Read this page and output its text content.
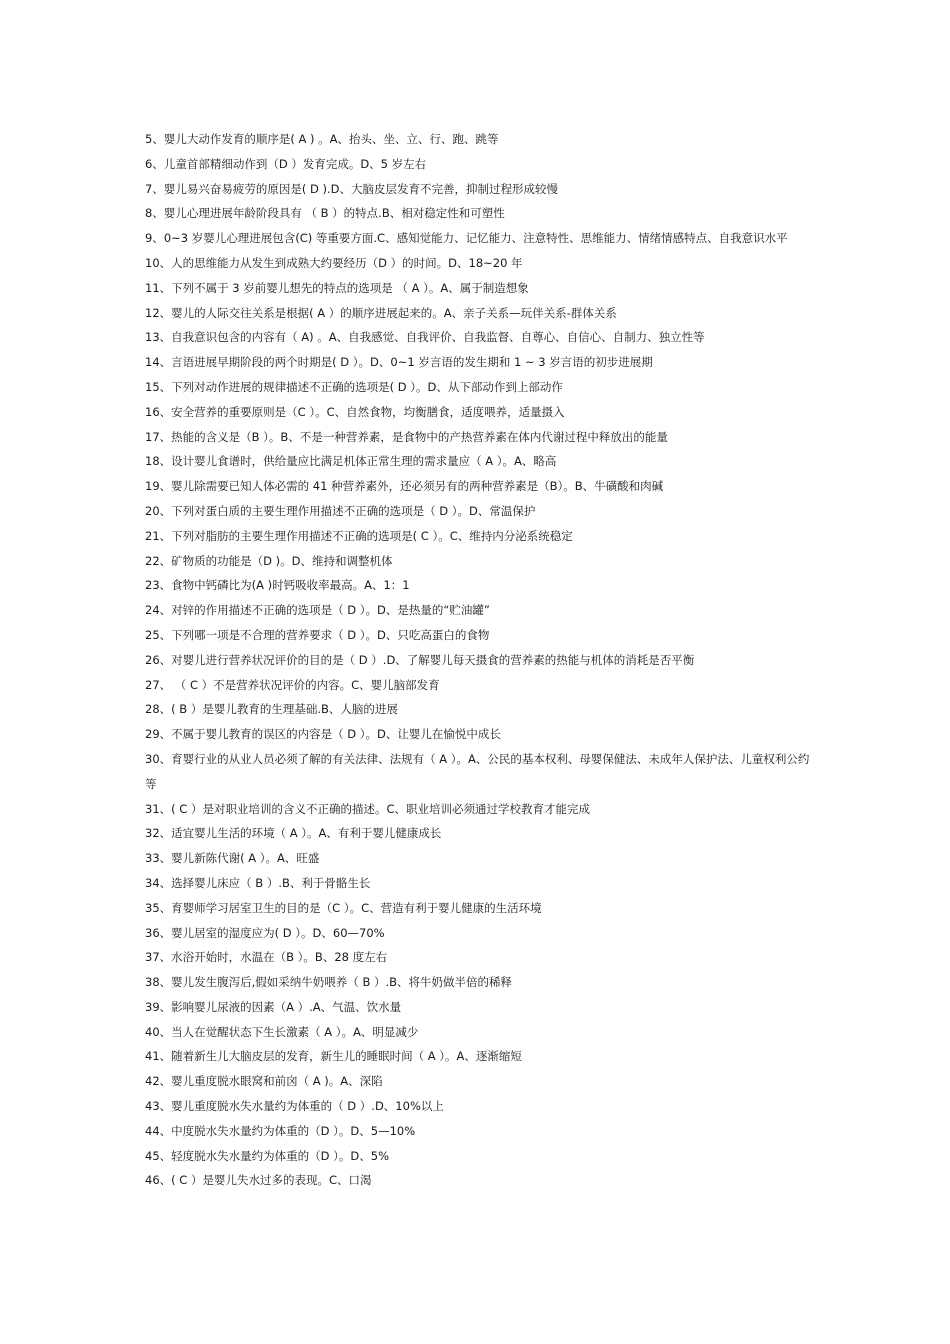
5、婴儿大动作发育的顺序是( A ) 。A、抬头、坐、立、行、跑、跳等

6、儿童首部精细动作到（D ）发育完成。D、5 岁左右

7、婴儿易兴奋易疲劳的原因是( D ).D、大脑皮层发育不完善，抑制过程形成较慢

8、婴儿心理进展年龄阶段具有 （ B ）的特点.B、相对稳定性和可塑性

9、0~3 岁婴儿心理进展包含(C) 等重要方面.C、感知觉能力、记忆能力、注意特性、思维能力、情绪情感特点、自我意识水平

10、人的思维能力从发生到成熟大约要经历（D ）的时间。D、18~20 年

11、下列不属于 3 岁前婴儿想先的特点的选项是 （ A ）。A、属于制造想象

12、婴儿的人际交往关系是根据( A ）的顺序进展起来的。A、亲子关系—玩伴关系-群体关系

13、自我意识包含的内容有（ A) 。A、自我感觉、自我评价、自我监督、自尊心、自信心、自制力、独立性等

14、言语进展早期阶段的两个时期是( D ）。D、0~1 岁言语的发生期和 1 ~ 3 岁言语的初步进展期

15、下列对动作进展的规律描述不正确的选项是( D ）。D、从下部动作到上部动作

16、安全营养的重要原则是（C ）。C、自然食物，均衡膳食，适度喂养，适量摄入

17、热能的含义是（B ）。B、不是一种营养素，是食物中的产热营养素在体内代谢过程中释放出的能量

18、设计婴儿食谱时，供给量应比满足机体正常生理的需求量应（ A ）。A、略高

19、婴儿除需要已知人体必需的 41 种营养素外，还必须另有的两种营养素是（B）。B、牛磺酸和肉碱

20、下列对蛋白质的主要生理作用描述不正确的选项是（ D ）。D、常温保护

21、下列对脂肪的主要生理作用描述不正确的选项是( C ）。C、维持内分泌系统稳定

22、矿物质的功能是（D )。D、维持和调整机体

23、食物中钙磷比为(A )时钙吸收率最高。A、1：1

24、对锌的作用描述不正确的选项是（ D ）。D、是热量的“贮油罐”

25、下列哪一项是不合理的营养要求（ D ）。D、只吃高蛋白的食物

26、对婴儿进行营养状况评价的目的是（ D ）.D、了解婴儿每天摄食的营养素的热能与机体的消耗是否平衡

27、 （ C ）不是营养状况评价的内容。C、婴儿脑部发育

28、( B ）是婴儿教育的生理基础.B、人脑的进展

29、不属于婴儿教育的误区的内容是（ D ）。D、让婴儿在愉悦中成长

30、育婴行业的从业人员必须了解的有关法律、法规有（ A ）。A、公民的基本权利、母婴保健法、未成年人保护法、儿童权利公约等

31、( C ）是对职业培训的含义不正确的描述。C、职业培训必须通过学校教育才能完成

32、适宜婴儿生活的环境（ A ）。A、有利于婴儿健康成长

33、婴儿新陈代谢( A ）。A、旺盛

34、选择婴儿床应（ B ）.B、利于骨骼生长

35、育婴师学习居室卫生的目的是（C ）。C、营造有利于婴儿健康的生活环境

36、婴儿居室的湿度应为( D ）。D、60—70%

37、水浴开始时，水温在（B ）。B、28 度左右

38、婴儿发生腹泻后,假如采纳牛奶喂养（ B ）.B、将牛奶做半倍的稀释

39、影响婴儿尿液的因素（A ）.A、气温、饮水量

40、当人在觉醒状态下生长激素（ A ）。A、明显减少

41、随着新生儿大脑皮层的发育，新生儿的睡眠时间（ A ）。A、逐渐缩短

42、婴儿重度脱水眼窝和前囟（ A )。A、深陷

43、婴儿重度脱水失水量约为体重的（ D ）.D、10%以上

44、中度脱水失水量约为体重的（D ）。D、5—10%

45、轻度脱水失水量约为体重的（D ）。D、5%

46、( C ）是婴儿失水过多的表现。C、口渴
